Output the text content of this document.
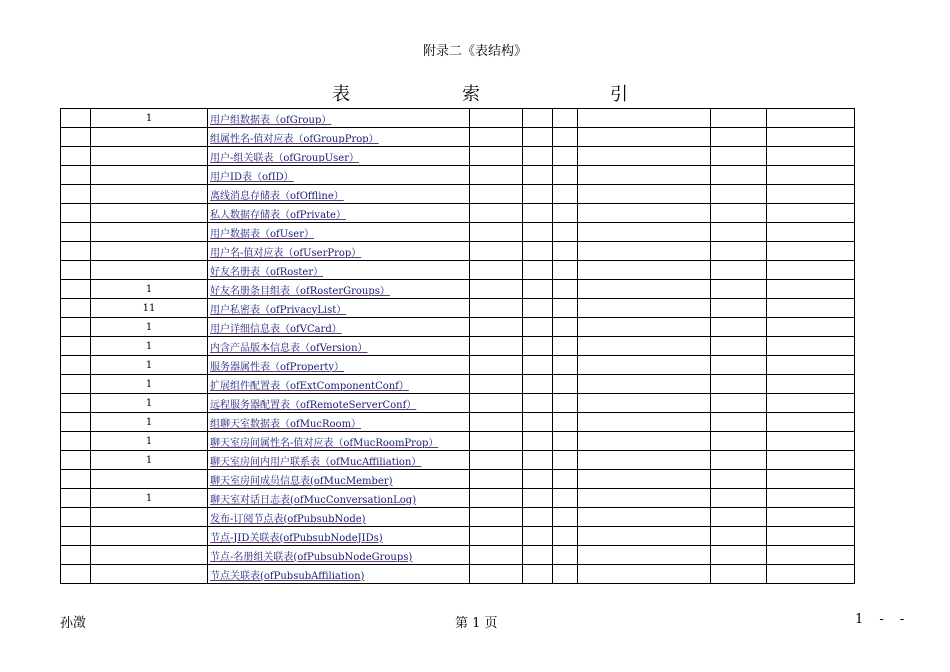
附录二《表结构》
表	索	引
	1	用户组数据表（ofGroup）						
		组属性名-值对应表（ofGroupProp）						
		用户-组关联表（ofGroupUser）						
		用户ID表（ofID）						
		离线消息存储表（ofOffline）						
		私人数据存储表（ofPrivate）						
		用户数据表（ofUser）						
		用户名-值对应表（ofUserProp）						
		好友名册表（ofRoster）						
	1	好友名册条目组表（ofRosterGroups）						
	11	用户私密表（ofPrivacyList）						
	1	用户详细信息表（ofVCard）						
	1	内含产品版本信息表（ofVersion）						
	1	服务器属性表（ofProperty）						
	1	扩展组件配置表（ofExtComponentConf）						
	1	远程服务器配置表（ofRemoteServerConf）						
	1	组聊天室数据表（ofMucRoom）						
	1	聊天室房间属性名-值对应表（ofMucRoomProp）						
	1	聊天室房间内用户联系表（ofMucAffiliation）						
		聊天室房间成员信息表(ofMucMember)						
	1	聊天室对话日志表(ofMucConversationLog)						
		发布-订阅节点表(ofPubsubNode)						
		节点-JID关联表(ofPubsubNodeJIDs)						
		节点-名册组关联表(ofPubsubNodeGroups)						
		节点关联表(ofPubsubAffiliation)						
孙澂	第 1 页	1 - -
